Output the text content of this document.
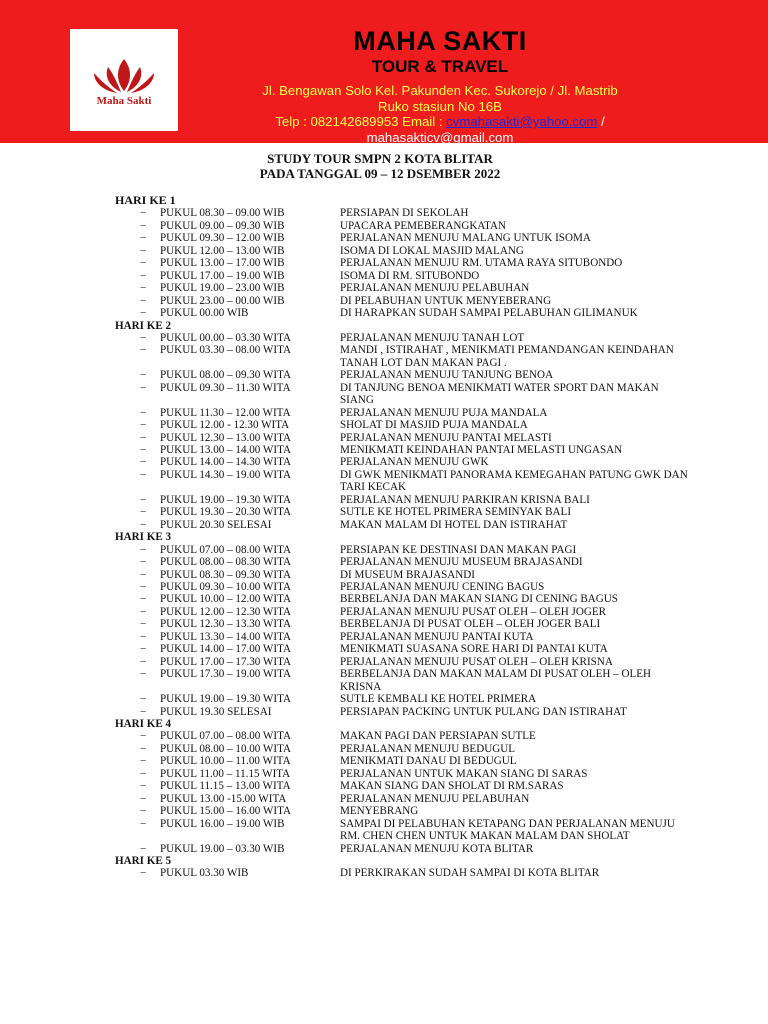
Maha Sakti
MAHA SAKTI
TOUR & TRAVEL
Jl. Bengawan Solo Kel. Pakunden Kec. Sukorejo / Jl. Mastrib
Ruko stasiun No 16B
Telp : 082142689953 Email : cvmahasakti@yahoo.com /
mahasakticv@gmail.com
STUDY TOUR SMPN 2 KOTA BLITAR
PADA TANGGAL 09 – 12 DSEMBER 2022
HARI KE 1
− PUKUL 08.30 – 09.00 WIB	PERSIAPAN DI SEKOLAH
− PUKUL 09.00 – 09.30 WIB	UPACARA PEMEBERANGKATAN
− PUKUL 09.30 – 12.00 WIB	PERJALANAN MENUJU MALANG UNTUK ISOMA
− PUKUL 12.00 – 13.00 WIB	ISOMA DI LOKAL MASJID MALANG
− PUKUL 13.00 – 17.00 WIB	PERJALANAN MENUJU RM. UTAMA RAYA SITUBONDO
− PUKUL 17.00 – 19.00 WIB	ISOMA DI RM. SITUBONDO
− PUKUL 19.00 – 23.00 WIB	PERJALANAN MENUJU PELABUHAN
− PUKUL 23.00 – 00.00 WIB	DI PELABUHAN UNTUK MENYEBERANG
− PUKUL 00.00 WIB	DI HARAPKAN SUDAH SAMPAI PELABUHAN GILIMANUK
HARI KE 2
− PUKUL 00.00 – 03.30 WITA	PERJALANAN MENUJU TANAH LOT
− PUKUL 03.30 – 08.00 WITA	MANDI , ISTIRAHAT , MENIKMATI PEMANDANGAN KEINDAHAN TANAH LOT DAN MAKAN PAGI .
− PUKUL 08.00 – 09.30 WITA	PERJALANAN MENUJU TANJUNG BENOA
− PUKUL 09.30 – 11.30 WITA	DI TANJUNG BENOA MENIKMATI WATER SPORT DAN MAKAN SIANG
− PUKUL 11.30 – 12.00 WITA	PERJALANAN MENUJU PUJA MANDALA
− PUKUL 12.00 - 12.30 WITA	SHOLAT DI MASJID PUJA MANDALA
− PUKUL 12.30 – 13.00 WITA	PERJALANAN MENUJU PANTAI MELASTI
− PUKUL 13.00 – 14.00 WITA	MENIKMATI KEINDAHAN PANTAI MELASTI UNGASAN
− PUKUL 14.00 – 14.30 WITA	PERJALANAN MENUJU GWK
− PUKUL 14.30 – 19.00 WITA	DI GWK MENIKMATI PANORAMA KEMEGAHAN PATUNG GWK DAN TARI KECAK
− PUKUL 19.00 – 19.30 WITA	PERJALANAN MENUJU PARKIRAN KRISNA BALI
− PUKUL 19.30 – 20.30 WITA	SUTLE KE HOTEL PRIMERA SEMINYAK BALI
− PUKUL 20.30 SELESAI	MAKAN MALAM DI HOTEL DAN ISTIRAHAT
HARI KE 3
− PUKUL 07.00 – 08.00 WITA	PERSIAPAN KE DESTINASI DAN MAKAN PAGI
− PUKUL 08.00 – 08.30 WITA	PERJALANAN MENUJU MUSEUM BRAJASANDI
− PUKUL 08.30 – 09.30 WITA	DI MUSEUM BRAJASANDI
− PUKUL 09.30 – 10.00 WITA	PERJALANAN MENUJU CENING BAGUS
− PUKUL 10.00 – 12.00 WITA	BERBELANJA DAN MAKAN SIANG DI CENING BAGUS
− PUKUL 12.00 – 12.30 WITA	PERJALANAN MENUJU PUSAT OLEH – OLEH JOGER
− PUKUL 12.30 – 13.30 WITA	BERBELANJA DI PUSAT OLEH – OLEH JOGER BALI
− PUKUL 13.30 – 14.00 WITA	PERJALANAN MENUJU PANTAI KUTA
− PUKUL 14.00 – 17.00 WITA	MENIKMATI SUASANA SORE HARI DI PANTAI KUTA
− PUKUL 17.00 – 17.30 WITA	PERJALANAN MENUJU PUSAT OLEH – OLEH KRISNA
− PUKUL 17.30 – 19.00 WITA	BERBELANJA DAN MAKAN MALAM DI PUSAT OLEH – OLEH KRISNA
− PUKUL 19.00 – 19.30 WITA	SUTLE KEMBALI KE HOTEL PRIMERA
− PUKUL 19.30 SELESAI	PERSIAPAN PACKING UNTUK PULANG DAN ISTIRAHAT
HARI KE 4
− PUKUL 07.00 – 08.00 WITA	MAKAN PAGI DAN PERSIAPAN SUTLE
− PUKUL 08.00 – 10.00 WITA	PERJALANAN MENUJU BEDUGUL
− PUKUL 10.00 – 11.00 WITA	MENIKMATI DANAU DI BEDUGUL
− PUKUL 11.00 – 11.15 WITA	PERJALANAN UNTUK MAKAN SIANG DI SARAS
− PUKUL 11.15 – 13.00 WITA	MAKAN SIANG DAN SHOLAT DI RM.SARAS
− PUKUL 13.00 -15.00 WITA	PERJALANAN MENUJU PELABUHAN
− PUKUL 15.00 – 16.00 WITA	MENYEBRANG
− PUKUL 16.00 – 19.00 WIB	SAMPAI DI PELABUHAN KETAPANG DAN PERJALANAN MENUJU RM. CHEN CHEN UNTUK MAKAN MALAM DAN SHOLAT
− PUKUL 19.00 – 03.30 WIB	PERJALANAN MENUJU KOTA BLITAR
HARI KE 5
− PUKUL 03.30 WIB	DI PERKIRAKAN SUDAH SAMPAI DI KOTA BLITAR
